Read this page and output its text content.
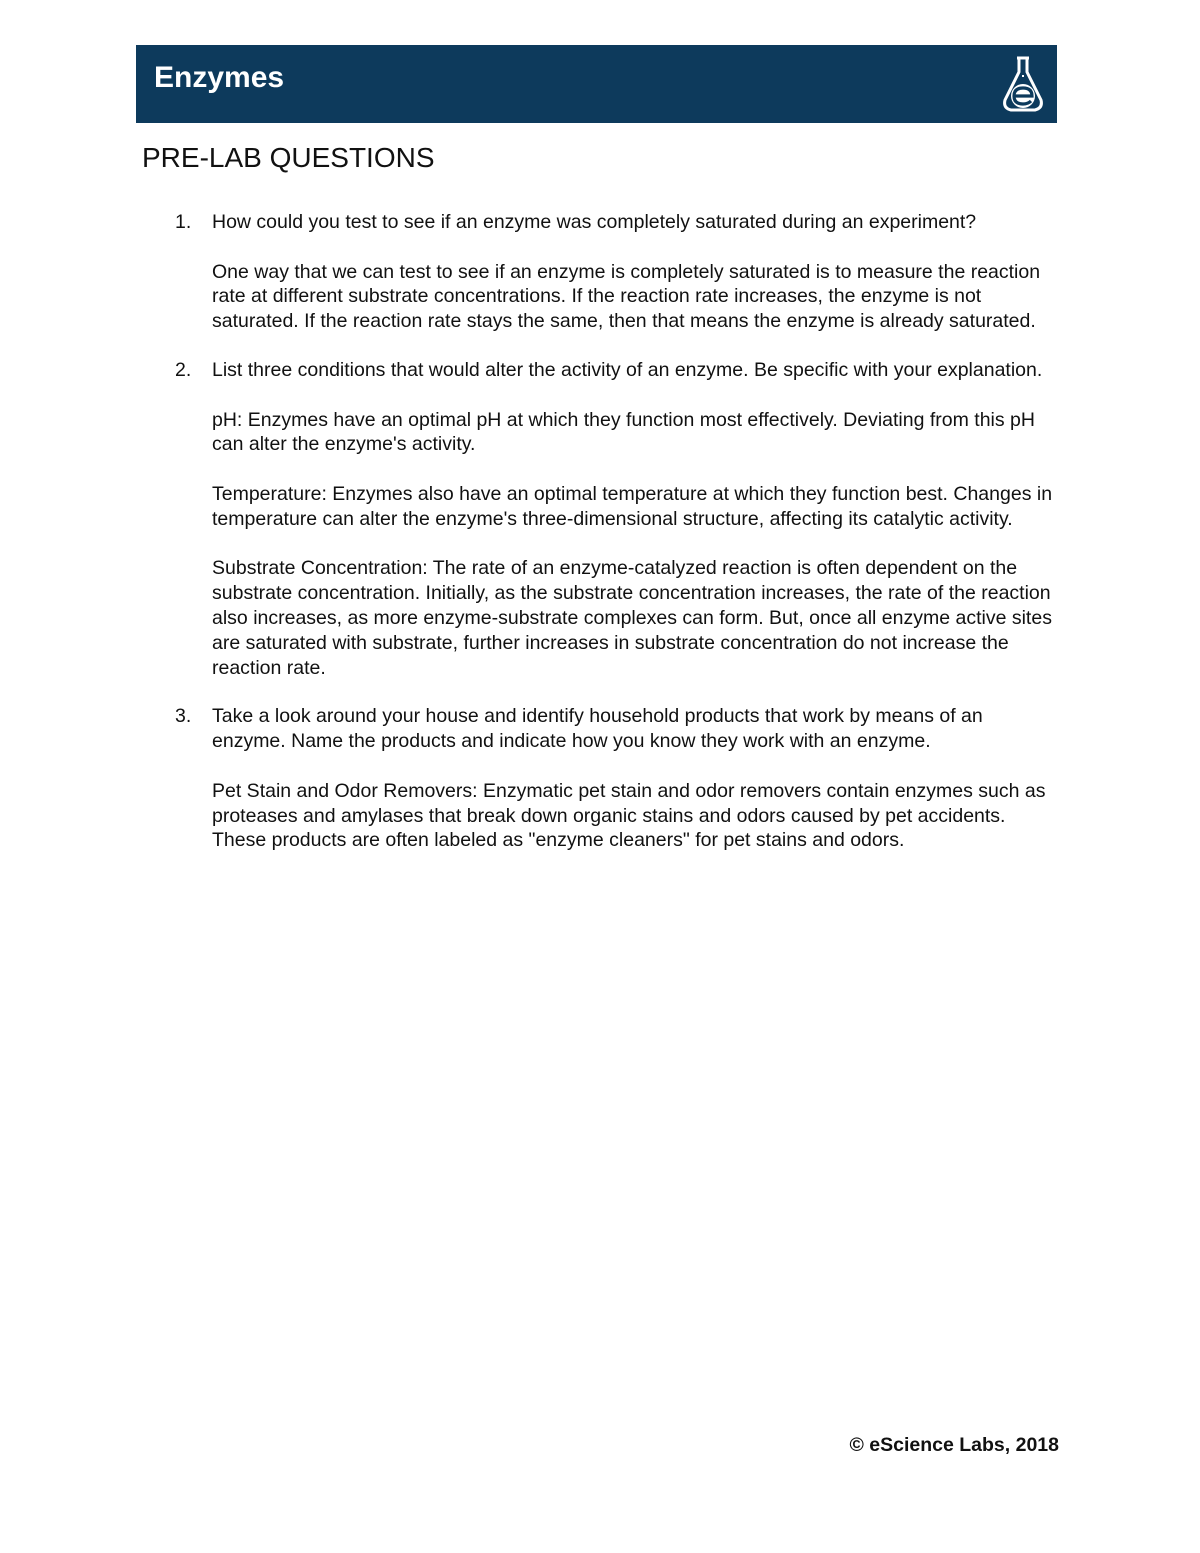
Enzymes
PRE-LAB QUESTIONS
1. How could you test to see if an enzyme was completely saturated during an experiment?

One way that we can test to see if an enzyme is completely saturated is to measure the reaction rate at different substrate concentrations. If the reaction rate increases, the enzyme is not saturated. If the reaction rate stays the same, then that means the enzyme is already saturated.

2. List three conditions that would alter the activity of an enzyme. Be specific with your explanation.

pH: Enzymes have an optimal pH at which they function most effectively. Deviating from this pH can alter the enzyme's activity.

Temperature: Enzymes also have an optimal temperature at which they function best. Changes in temperature can alter the enzyme's three-dimensional structure, affecting its catalytic activity.

Substrate Concentration: The rate of an enzyme-catalyzed reaction is often dependent on the substrate concentration. Initially, as the substrate concentration increases, the rate of the reaction also increases, as more enzyme-substrate complexes can form. But, once all enzyme active sites are saturated with substrate, further increases in substrate concentration do not increase the reaction rate.

3. Take a look around your house and identify household products that work by means of an enzyme. Name the products and indicate how you know they work with an enzyme.

Pet Stain and Odor Removers: Enzymatic pet stain and odor removers contain enzymes such as proteases and amylases that break down organic stains and odors caused by pet accidents. These products are often labeled as "enzyme cleaners" for pet stains and odors.

© eScience Labs, 2018
